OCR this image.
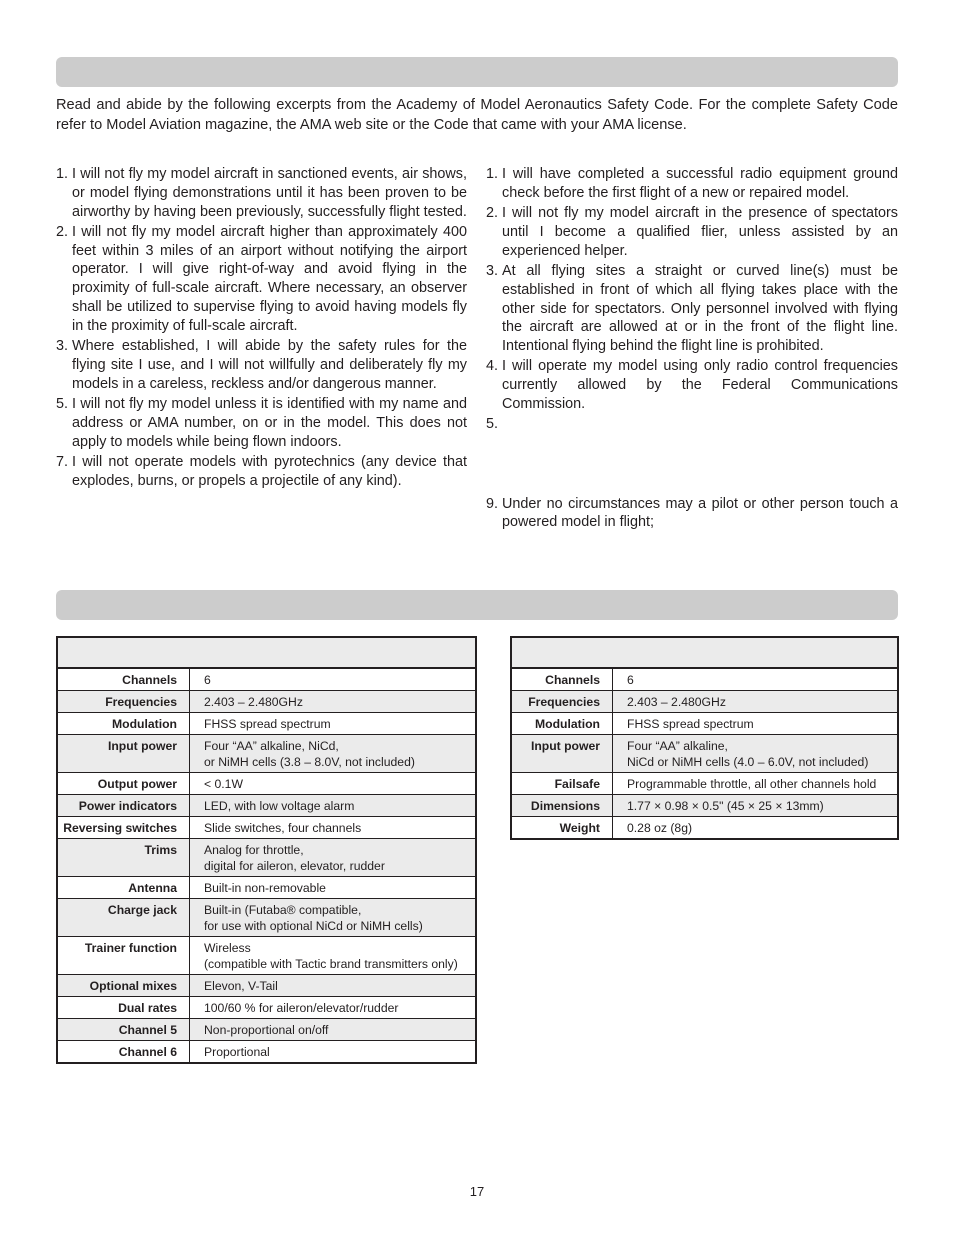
Read and abide by the following excerpts from the Academy of Model Aeronautics Safety Code. For the complete Safety Code refer to Model Aviation magazine, the AMA web site or the Code that came with your AMA license.

1. I will not fly my model aircraft in sanctioned events, air shows, or model flying demonstrations until it has been proven to be airworthy by having been previously, successfully flight tested.
2. I will not fly my model aircraft higher than approximately 400 feet within 3 miles of an airport without notifying the airport operator. I will give right-of-way and avoid flying in the proximity of full-scale aircraft. Where necessary, an observer shall be utilized to supervise flying to avoid having models fly in the proximity of full-scale aircraft.
3. Where established, I will abide by the safety rules for the flying site I use, and I will not willfully and deliberately fly my models in a careless, reckless and/or dangerous manner.
5. I will not fly my model unless it is identified with my name and address or AMA number, on or in the model. This does not apply to models while being flown indoors.
7. I will not operate models with pyrotechnics (any device that explodes, burns, or propels a projectile of any kind).
1. I will have completed a successful radio equipment ground check before the first flight of a new or repaired model.
2. I will not fly my model aircraft in the presence of spectators until I become a qualified flier, unless assisted by an experienced helper.
3. At all flying sites a straight or curved line(s) must be established in front of which all flying takes place with the other side for spectators. Only personnel involved with flying the aircraft are allowed at or in the front of the flight line. Intentional flying behind the flight line is prohibited.
4. I will operate my model using only radio control frequencies currently allowed by the Federal Communications Commission.
5.
9. Under no circumstances may a pilot or other person touch a powered model in flight;
Channels	6
Frequencies	2.403 – 2.480GHz
Modulation	FHSS spread spectrum
Input power	Four “AA” alkaline, NiCd,
or NiMH cells (3.8 – 8.0V, not included)
Output power	< 0.1W
Power indicators	LED, with low voltage alarm
Reversing switches	Slide switches, four channels
Trims	Analog for throttle,
digital for aileron, elevator, rudder
Antenna	Built-in non-removable
Charge jack	Built-in (Futaba® compatible,
for use with optional NiCd or NiMH cells)
Trainer function	Wireless
(compatible with Tactic brand transmitters only)
Optional mixes	Elevon, V-Tail
Dual rates	100/60 % for aileron/elevator/rudder
Channel 5	Non-proportional on/off
Channel 6	Proportional
Channels	6
Frequencies	2.403 – 2.480GHz
Modulation	FHSS spread spectrum
Input power	Four “AA” alkaline,
NiCd or NiMH cells (4.0 – 6.0V, not included)
Failsafe	Programmable throttle, all other channels hold
Dimensions	1.77 × 0.98 × 0.5" (45 × 25 × 13mm)
Weight	0.28 oz (8g)
17
